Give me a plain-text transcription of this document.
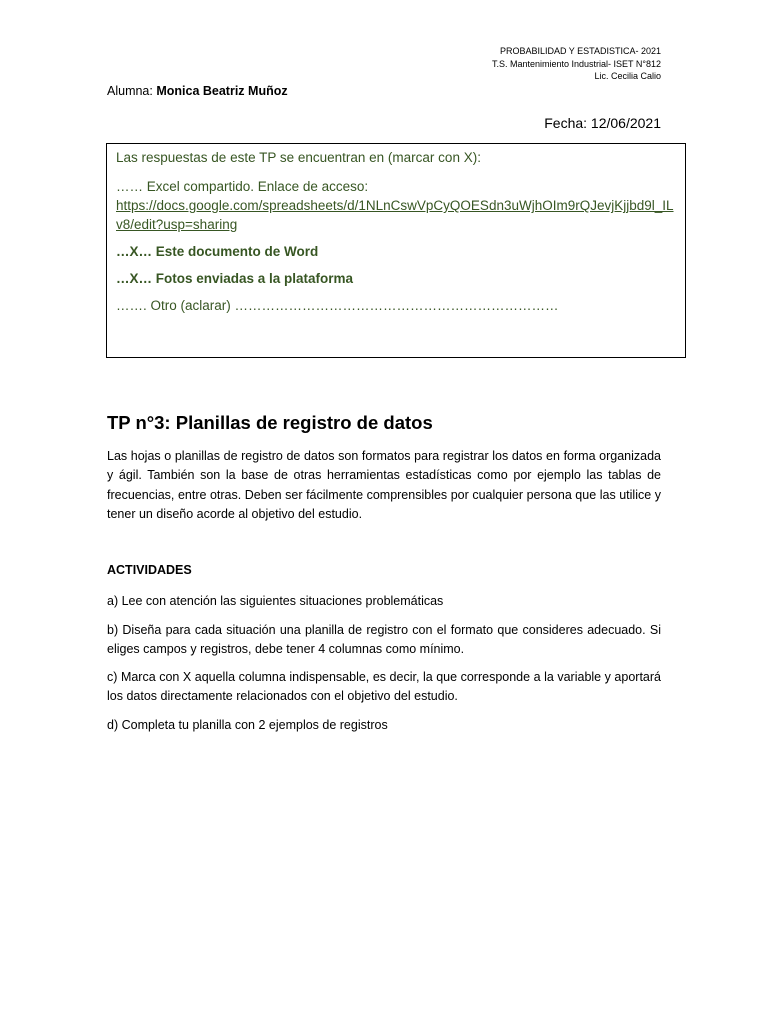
PROBABILIDAD Y ESTADISTICA- 2021
T.S. Mantenimiento Industrial- ISET N°812
Lic. Cecilia Calio
Alumna: Monica Beatriz Muñoz
Fecha: 12/06/2021

Las respuestas de este TP se encuentran en (marcar con X):

…… Excel compartido. Enlace de acceso:

https://docs.google.com/spreadsheets/d/1NLnCswVpCyQOESdn3uWjhOIm9rQJevjKjjbd9l_ILv8/edit?usp=sharing

…X… Este documento de Word

…X… Fotos enviadas a la plataforma

……. Otro (aclarar) ………………………………………………………………

TP n°3: Planillas de registro de datos

Las hojas o planillas de registro de datos son formatos para registrar los datos en forma organizada y ágil. También son la base de otras herramientas estadísticas como por ejemplo las tablas de frecuencias, entre otras. Deben ser fácilmente comprensibles por cualquier persona que las utilice y tener un diseño acorde al objetivo del estudio.

ACTIVIDADES

a) Lee con atención las siguientes situaciones problemáticas

b) Diseña para cada situación una planilla de registro con el formato que consideres adecuado. Si eliges campos y registros, debe tener 4 columnas como mínimo.

c) Marca con X aquella columna indispensable, es decir, la que corresponde a la variable y aportará los datos directamente relacionados con el objetivo del estudio.

d) Completa tu planilla con 2 ejemplos de registros
